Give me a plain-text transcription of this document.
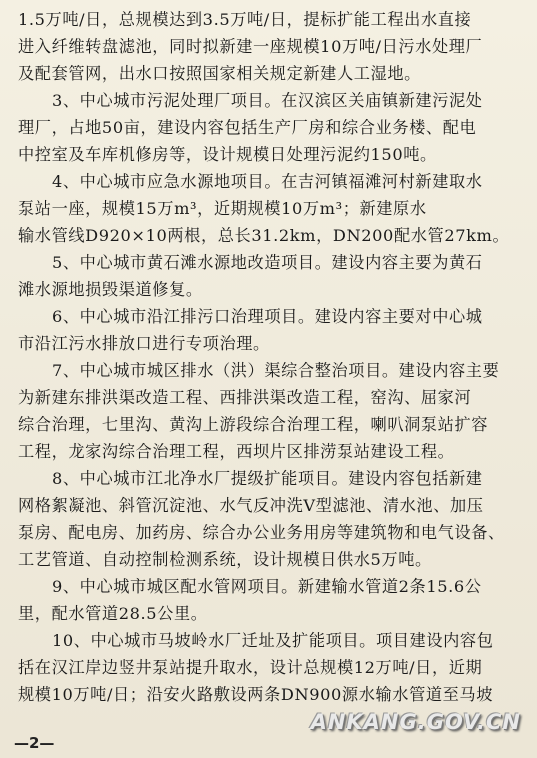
1.5万吨/日，总规模达到3.5万吨/日，提标扩能工程出水直接
进入纤维转盘滤池，同时拟新建一座规模10万吨/日污水处理厂
及配套管网，出水口按照国家相关规定新建人工湿地。
3、中心城市污泥处理厂项目。在汉滨区关庙镇新建污泥处
理厂，占地50亩，建设内容包括生产厂房和综合业务楼、配电
中控室及车库机修房等，设计规模日处理污泥约150吨。
4、中心城市应急水源地项目。在吉河镇福滩河村新建取水
泵站一座，规模15万m³，近期规模10万m³；新建原水
输水管线D920×10两根，总长31.2km，DN200配水管27km。
5、中心城市黄石滩水源地改造项目。建设内容主要为黄石
滩水源地损毁渠道修复。
6、中心城市沿江排污口治理项目。建设内容主要对中心城
市沿江污水排放口进行专项治理。
7、中心城市城区排水（洪）渠综合整治项目。建设内容主要
为新建东排洪渠改造工程、西排洪渠改造工程，窑沟、屈家河
综合治理，七里沟、黄沟上游段综合治理工程，喇叭洞泵站扩容
工程，龙家沟综合治理工程，西坝片区排涝泵站建设工程。
8、中心城市江北净水厂提级扩能项目。建设内容包括新建
网格絮凝池、斜管沉淀池、水气反冲洗V型滤池、清水池、加压
泵房、配电房、加药房、综合办公业务用房等建筑物和电气设备、
工艺管道、自动控制检测系统，设计规模日供水5万吨。
9、中心城市城区配水管网项目。新建输水管道2条15.6公
里，配水管道28.5公里。
10、中心城市马坡岭水厂迁址及扩能项目。项目建设内容包
括在汉江岸边竖井泵站提升取水，设计总规模12万吨/日，近期
规模10万吨/日；沿安火路敷设两条DN900源水输水管道至马坡
ANKANG.GOV.CN
—2—
